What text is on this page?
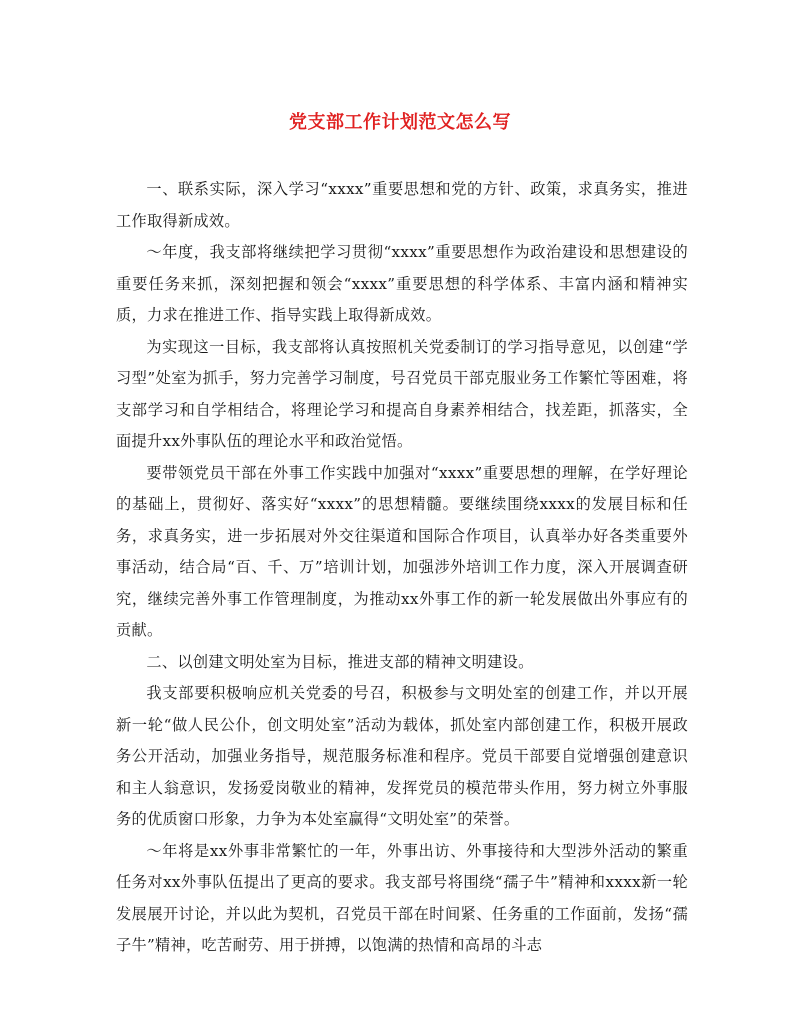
党支部工作计划范文怎么写

一、联系实际，深入学习“xxxx”重要思想和党的方针、政策，求真务实，推进工作取得新成效。

～年度，我支部将继续把学习贯彻“xxxx”重要思想作为政治建设和思想建设的重要任务来抓，深刻把握和领会“xxxx”重要思想的科学体系、丰富内涵和精神实质，力求在推进工作、指导实践上取得新成效。

为实现这一目标，我支部将认真按照机关党委制订的学习指导意见，以创建“学习型”处室为抓手，努力完善学习制度，号召党员干部克服业务工作繁忙等困难，将支部学习和自学相结合，将理论学习和提高自身素养相结合，找差距，抓落实，全面提升xx外事队伍的理论水平和政治觉悟。

要带领党员干部在外事工作实践中加强对“xxxx”重要思想的理解，在学好理论的基础上，贯彻好、落实好“xxxx”的思想精髓。要继续围绕xxxx的发展目标和任务，求真务实，进一步拓展对外交往渠道和国际合作项目，认真举办好各类重要外事活动，结合局“百、千、万”培训计划，加强涉外培训工作力度，深入开展调查研究，继续完善外事工作管理制度，为推动xx外事工作的新一轮发展做出外事应有的贡献。

二、以创建文明处室为目标，推进支部的精神文明建设。

我支部要积极响应机关党委的号召，积极参与文明处室的创建工作，并以开展新一轮“做人民公仆，创文明处室”活动为载体，抓处室内部创建工作，积极开展政务公开活动，加强业务指导，规范服务标准和程序。党员干部要自觉增强创建意识和主人翁意识，发扬爱岗敬业的精神，发挥党员的模范带头作用，努力树立外事服务的优质窗口形象，力争为本处室赢得“文明处室”的荣誉。

～年将是xx外事非常繁忙的一年，外事出访、外事接待和大型涉外活动的繁重任务对xx外事队伍提出了更高的要求。我支部号将围绕“孺子牛”精神和xxxx新一轮发展展开讨论，并以此为契机，召党员干部在时间紧、任务重的工作面前，发扬“孺子牛”精神，吃苦耐劳、用于拼搏，以饱满的热情和高昂的斗志
